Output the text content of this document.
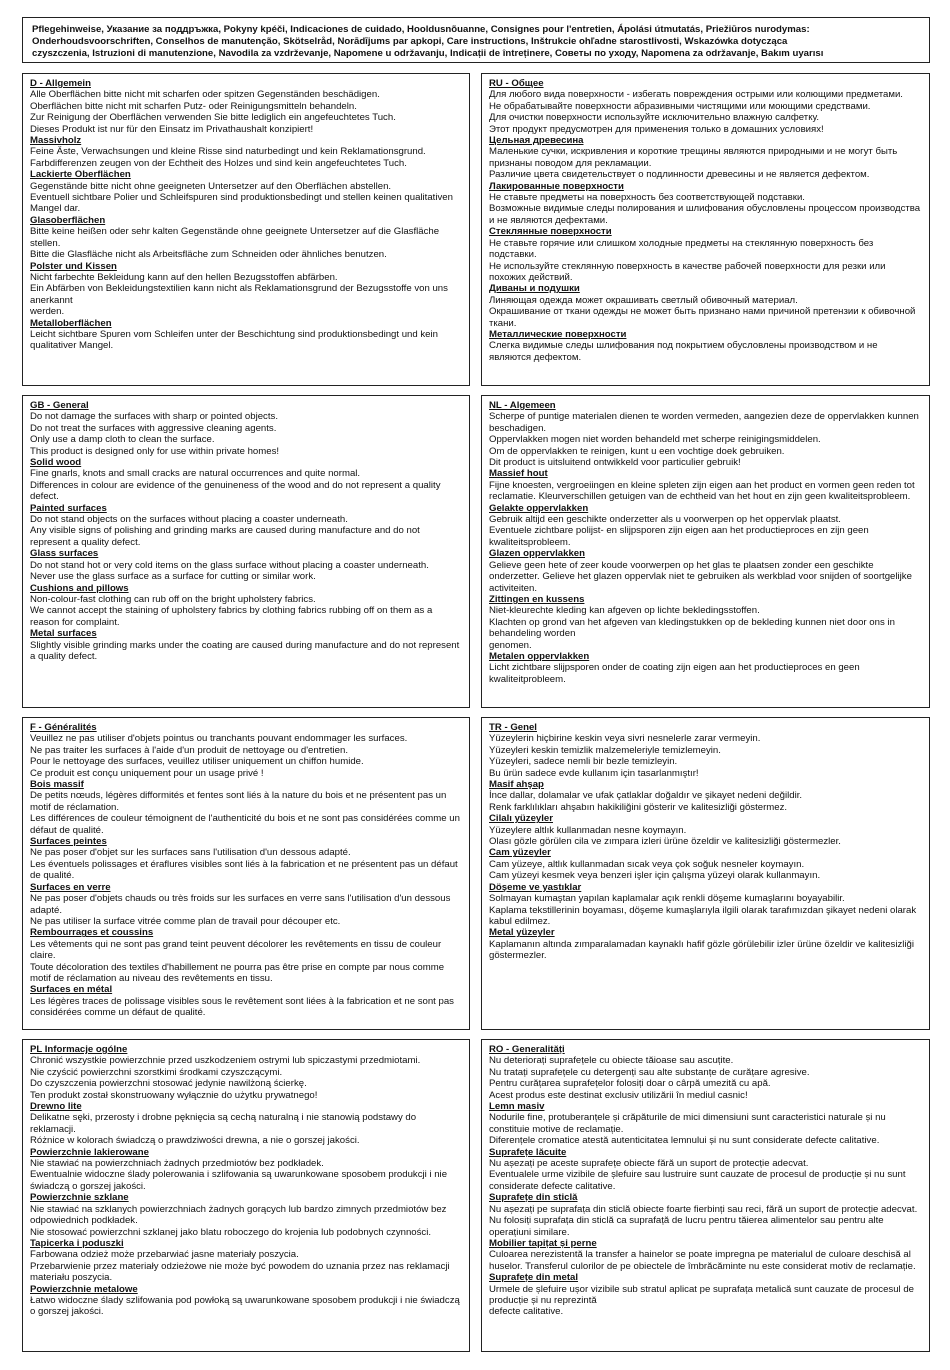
Pflegehinweise, Указание за поддръжка, Pokyny kpéči, Indicaciones de cuidado, Hooldusnõuanne, Consignes pour l'entretien, Ápolási útmutatás, Priežiūros nurodymas:

Onderhoudsvoorschriften, Conselhos de manutenção, Skötselråd, Norādījums par apkopi, Care instructions, Inštrukcie ohľadne starostlivosti, Wskazówka dotycząca

czyszczenia, Istruzioni di manutenzione, Navodila za vzdrževanje, Napomene u održavanju, Indicații de întreținere, Советы по уходу, Napomena za održavanje, Bakım uyarısı

D - Allgemein
Alle Oberflächen bitte nicht mit scharfen oder spitzen Gegenständen beschädigen.
Oberflächen bitte nicht mit scharfen Putz- oder Reinigungsmitteln behandeln.
Zur Reinigung der Oberflächen verwenden Sie bitte lediglich ein angefeuchtetes Tuch.
Dieses Produkt ist nur für den Einsatz im Privathaushalt konzipiert!
Massivholz
Feine Äste, Verwachsungen und kleine Risse sind naturbedingt und kein Reklamationsgrund.
Farbdifferenzen zeugen von der Echtheit des Holzes und sind kein angefeuchtetes Tuch.
Lackierte Oberflächen
Gegenstände bitte nicht ohne geeigneten Untersetzer auf den Oberflächen abstellen.
Eventuell sichtbare Polier und Schleifspuren sind produktionsbedingt und stellen keinen qualitativen Mangel dar.
Glasoberflächen
Bitte keine heißen oder sehr kalten Gegenstände ohne geeignete Untersetzer auf die Glasfläche stellen.
Bitte die Glasfläche nicht als Arbeitsfläche zum Schneiden oder ähnliches benutzen.
Polster und Kissen
Nicht farbechte Bekleidung kann auf den hellen Bezugsstoffen abfärben.
Ein Abfärben von Bekleidungstextilien kann nicht als Reklamationsgrund der Bezugsstoffe von uns anerkannt
werden.
Metalloberflächen
Leicht sichtbare Spuren vom Schleifen unter der Beschichtung sind produktionsbedingt und kein qualitativer Mangel.
RU - Общее
Для любого вида поверхности - избегать повреждения острыми или колющими предметами.
Не обрабатывайте поверхности абразивными чистящими или моющими средствами.
Для очистки поверхности используйте исключительно влажную салфетку.
Этот продукт предусмотрен для применения только в домашних условиях!
Цельная древесина
Маленькие сучки, искривления и короткие трещины являются природными и не могут быть признаны поводом для рекламации.
Различие цвета свидетельствует о подлинности древесины и не является дефектом.
Лакированные поверхности
Не ставьте предметы на поверхность без соответствующей подставки.
Возможные видимые следы полирования и шлифования обусловлены процессом производства и не являются дефектами.
Стеклянные поверхности
Не ставьте горячие или слишком холодные предметы на стеклянную поверхность без подставки.
Не используйте стеклянную поверхность в качестве рабочей поверхности для резки или похожих действий.
Диваны и подушки
Линяющая одежда может окрашивать светлый обивочный материал.
Окрашивание от ткани одежды не может быть признано нами причиной претензии к обивочной ткани.
Металлические поверхности
Слегка видимые следы шлифования под покрытием обусловлены производством и не являются дефектом.
GB - General
Do not damage the surfaces with sharp or pointed objects.
Do not treat the surfaces with aggressive cleaning agents.
Only use a damp cloth to clean the surface.
This product is designed only for use within private homes!
Solid wood
Fine gnarls, knots and small cracks are natural occurrences and quite normal.
Differences in colour are evidence of the genuineness of the wood and do not represent a quality defect.
Painted surfaces
Do not stand objects on the surfaces without placing a coaster underneath.
Any visible signs of polishing and grinding marks are caused during manufacture and do not represent a quality defect.
Glass surfaces
Do not stand hot or very cold items on the glass surface without placing a coaster underneath.
Never use the glass surface as a surface for cutting or similar work.
Cushions and pillows
Non-colour-fast clothing can rub off on the bright upholstery fabrics.
We cannot accept the staining of upholstery fabrics by clothing fabrics rubbing off on them as a reason for complaint.
Metal surfaces
Slightly visible grinding marks under the coating are caused during manufacture and do not represent a quality defect.
NL - Algemeen
Scherpe of puntige materialen dienen te worden vermeden, aangezien deze de oppervlakken kunnen beschadigen.
Oppervlakken mogen niet worden behandeld met scherpe reinigingsmiddelen.
Om de oppervlakken te reinigen, kunt u een vochtige doek gebruiken.
Dit product is uitsluitend ontwikkeld voor particulier gebruik!
Massief hout
Fijne knoesten, vergroeiingen en kleine spleten zijn eigen aan het product en vormen geen reden tot reclamatie. Kleurverschillen getuigen van de echtheid van het hout en zijn geen kwaliteitsprobleem.
Gelakte oppervlakken
Gebruik altijd een geschikte onderzetter als u voorwerpen op het oppervlak plaatst.
Eventuele zichtbare polijst- en slijpsporen zijn eigen aan het productieproces en zijn geen kwaliteitsprobleem.
Glazen oppervlakken
Gelieve geen hete of zeer koude voorwerpen op het glas te plaatsen zonder een geschikte onderzetter. Gelieve het glazen oppervlak niet te gebruiken als werkblad voor snijden of soortgelijke activiteiten.
Zittingen en kussens
Niet-kleurechte kleding kan afgeven op lichte bekledingsstoffen.
Klachten op grond van het afgeven van kledingstukken op de bekleding kunnen niet door ons in behandeling worden
genomen.
Metalen oppervlakken
Licht zichtbare slijpsporen onder de coating zijn eigen aan het productieproces en geen kwaliteitprobleem.
F - Généralités
Veuillez ne pas utiliser d'objets pointus ou tranchants pouvant endommager les surfaces.
Ne pas traiter les surfaces à l'aide d'un produit de nettoyage ou d'entretien.
Pour le nettoyage des surfaces, veuillez utiliser uniquement un chiffon humide.
Ce produit est conçu uniquement pour un usage privé !
Bois massif
De petits nœuds, légères difformités et fentes sont liés à la nature du bois et ne présentent pas un motif de réclamation.
Les différences de couleur témoignent de l'authenticité du bois et ne sont pas considérées comme un défaut de qualité.
Surfaces peintes
Ne pas poser d'objet sur les surfaces sans l'utilisation d'un dessous adapté.
Les éventuels polissages et éraflures visibles sont liés à la fabrication et ne présentent pas un défaut de qualité.
Surfaces en verre
Ne pas poser d'objets chauds ou très froids sur les surfaces en verre sans l'utilisation d'un dessous adapté.
Ne pas utiliser la surface vitrée comme plan de travail pour découper etc.
Rembourrages et coussins
Les vêtements qui ne sont pas grand teint peuvent décolorer les revêtements en tissu de couleur claire.
Toute décoloration des textiles d'habillement ne pourra pas être prise en compte par nous comme motif de réclamation au niveau des revêtements en tissu.
Surfaces en métal
Les légères traces de polissage visibles sous le revêtement sont liées à la fabrication et ne sont pas considérées comme un défaut de qualité.
TR - Genel
Yüzeylerin hiçbirine keskin veya sivri nesnelerle zarar vermeyin.
Yüzeyleri keskin temizlik malzemeleriyle temizlemeyin.
Yüzeyleri, sadece nemli bir bezle temizleyin.
Bu ürün sadece evde kullanım için tasarlanmıştır!
Masif ahşap
İnce dallar, dolamalar ve ufak çatlaklar doğaldır ve şikayet nedeni değildir.
Renk farklılıkları ahşabın hakikiliğini gösterir ve kalitesizliği göstermez.
Cilalı yüzeyler
Yüzeylere altlık kullanmadan nesne koymayın.
Olası gözle görülen cila ve zımpara izleri ürüne özeldir ve kalitesizliği göstermezler.
Cam yüzeyler
Cam yüzeye, altlık kullanmadan sıcak veya çok soğuk nesneler koymayın.
Cam yüzeyi kesmek veya benzeri işler için çalışma yüzeyi olarak kullanmayın.
Döşeme ve yastıklar
Solmayan kumaştan yapılan kaplamalar açık renkli döşeme kumaşlarını boyayabilir.
Kaplama tekstillerinin boyaması, döşeme kumaşlarıyla ilgili olarak tarafımızdan şikayet nedeni olarak kabul edilmez.
Metal yüzeyler
Kaplamanın altında zımparalamadan kaynaklı hafif gözle görülebilir izler ürüne özeldir ve kalitesizliği göstermezler.
PL Informacje ogólne
Chronić wszystkie powierzchnie przed uszkodzeniem ostrymi lub spiczastymi przedmiotami.
Nie czyścić powierzchni szorstkimi środkami czyszczącymi.
Do czyszczenia powierzchni stosować jedynie nawilżoną ścierkę.
Ten produkt został skonstruowany wyłącznie do użytku prywatnego!
Drewno lite
Delikatne sęki, przerosty i drobne pęknięcia są cechą naturalną i nie stanowią podstawy do reklamacji.
Różnice w kolorach świadczą o prawdziwości drewna, a nie o gorszej jakości.
Powierzchnie lakierowane
Nie stawiać na powierzchniach żadnych przedmiotów bez podkładek.
Ewentualnie widoczne ślady polerowania i szlifowania są uwarunkowane sposobem produkcji i nie świadczą o gorszej jakości.
Powierzchnie szklane
Nie stawiać na szklanych powierzchniach żadnych gorących lub bardzo zimnych przedmiotów bez odpowiednich podkładek.
Nie stosować powierzchni szklanej jako blatu roboczego do krojenia lub podobnych czynności.
Tapicerka i poduszki
Farbowana odzież może przebarwiać jasne materiały poszycia.
Przebarwienie przez materiały odzieżowe nie może być powodem do uznania przez nas reklamacji materiału poszycia.
Powierzchnie metalowe
Łatwo widoczne ślady szlifowania pod powłoką są uwarunkowane sposobem produkcji i nie świadczą o gorszej jakości.
RO - Generalități
Nu deteriorați suprafețele cu obiecte tăioase sau ascuțite.
Nu tratați suprafețele cu detergenți sau alte substanțe de curățare agresive.
Pentru curățarea suprafețelor folosiți doar o cârpă umezită cu apă.
Acest produs este destinat exclusiv utilizării în mediul casnic!
Lemn masiv
Nodurile fine, protuberanțele și crăpăturile de mici dimensiuni sunt caracteristici naturale și nu constituie motive de reclamație.
Diferențele cromatice atestă autenticitatea lemnului și nu sunt considerate defecte calitative.
Suprafețe lăcuite
Nu așezați pe aceste suprafețe obiecte fără un suport de protecție adecvat.
Eventualele urme vizibile de șlefuire sau lustruire sunt cauzate de procesul de producție și nu sunt considerate defecte calitative.
Suprafețe din sticlă
Nu așezați pe suprafața din sticlă obiecte foarte fierbinți sau reci, fără un suport de protecție adecvat. Nu folosiți suprafața din sticlă ca suprafață de lucru pentru tăierea alimentelor sau pentru alte operațiuni similare.
Mobilier tapițat și perne
Culoarea nerezistentă la transfer a hainelor se poate impregna pe materialul de culoare deschisă al huselor. Transferul culorilor de pe obiectele de îmbrăcăminte nu este considerat motiv de reclamație.
Suprafețe din metal
Urmele de șlefuire ușor vizibile sub stratul aplicat pe suprafața metalică sunt cauzate de procesul de producție și nu reprezintă
defecte calitative.
